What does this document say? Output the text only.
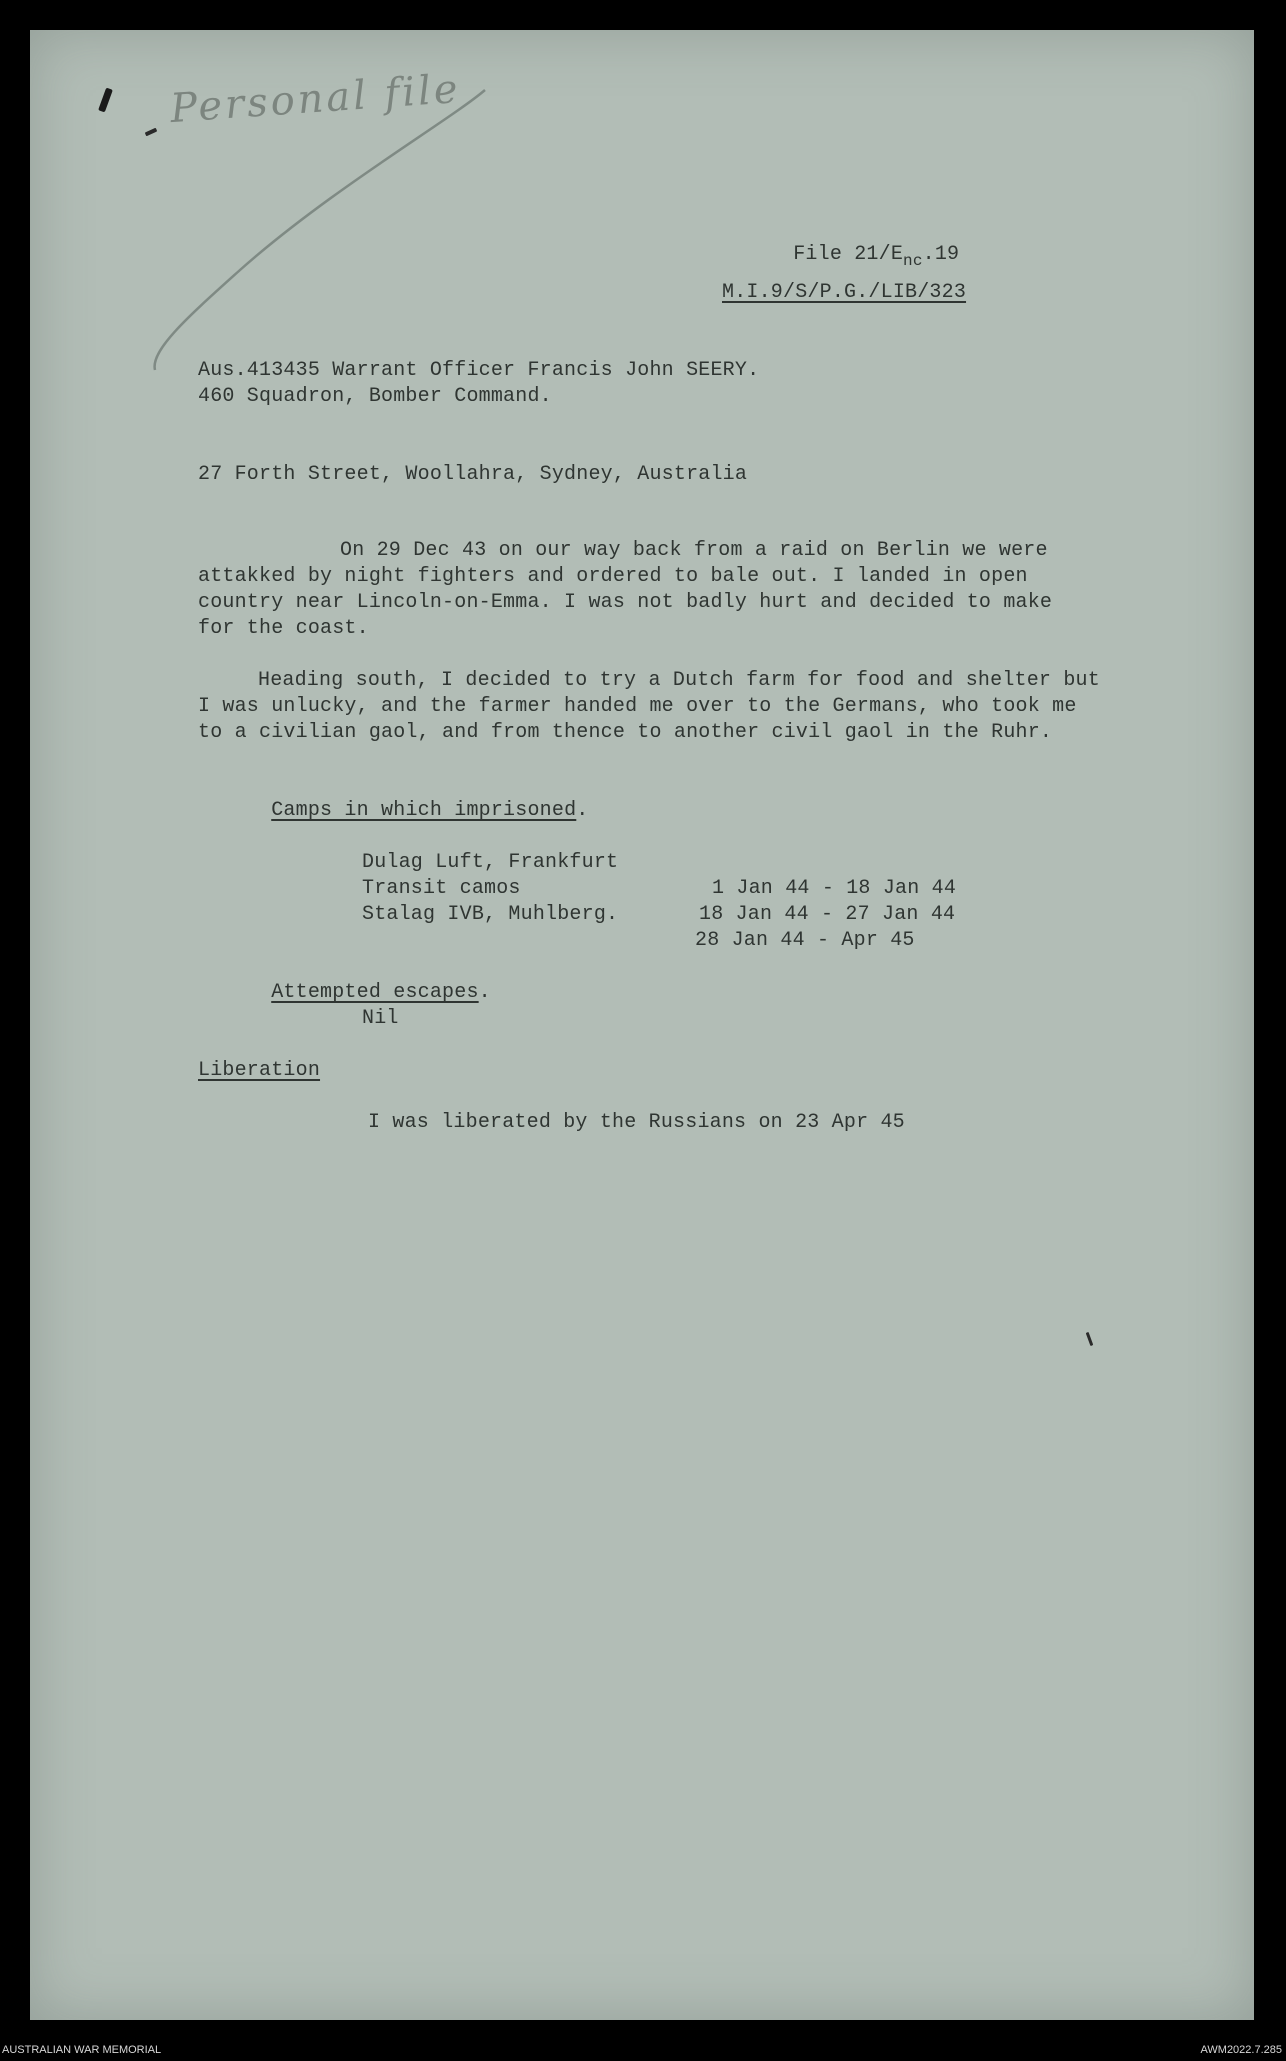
Personal file

File $21/E_{nc}.19$

M.I.9/S/P.G./LIB/323
Aus.413435 Warrant Officer Francis John SEERY.
460 Squadron, Bomber Command.
27 Forth Street, Woollahra, Sydney, Australia
On 29 Dec 43 on our way back from a raid on Berlin we were
attakked by night fighters and ordered to bale out. I landed in open
country near Lincoln-on-Emma. I was not badly hurt and decided to make
for the coast.
Heading south, I decided to try a Dutch farm for food and shelter but
I was unlucky, and the farmer handed me over to the Germans, who took me
to a civilian gaol, and from thence to another civil gaol in the Ruhr.

Camps in which imprisoned.

Dulag Luft, Frankfurt

1 Jan 44 - 18 Jan 44

Transit camos

18 Jan 44 - 27 Jan 44

Stalag IVB, Muhlberg.

28 Jan 44 - Apr 45

Attempted escapes.

Nil
Liberation
I was liberated by the Russians on 23 Apr 45
AUSTRALIAN WAR MEMORIAL	AWM2022.7.285
